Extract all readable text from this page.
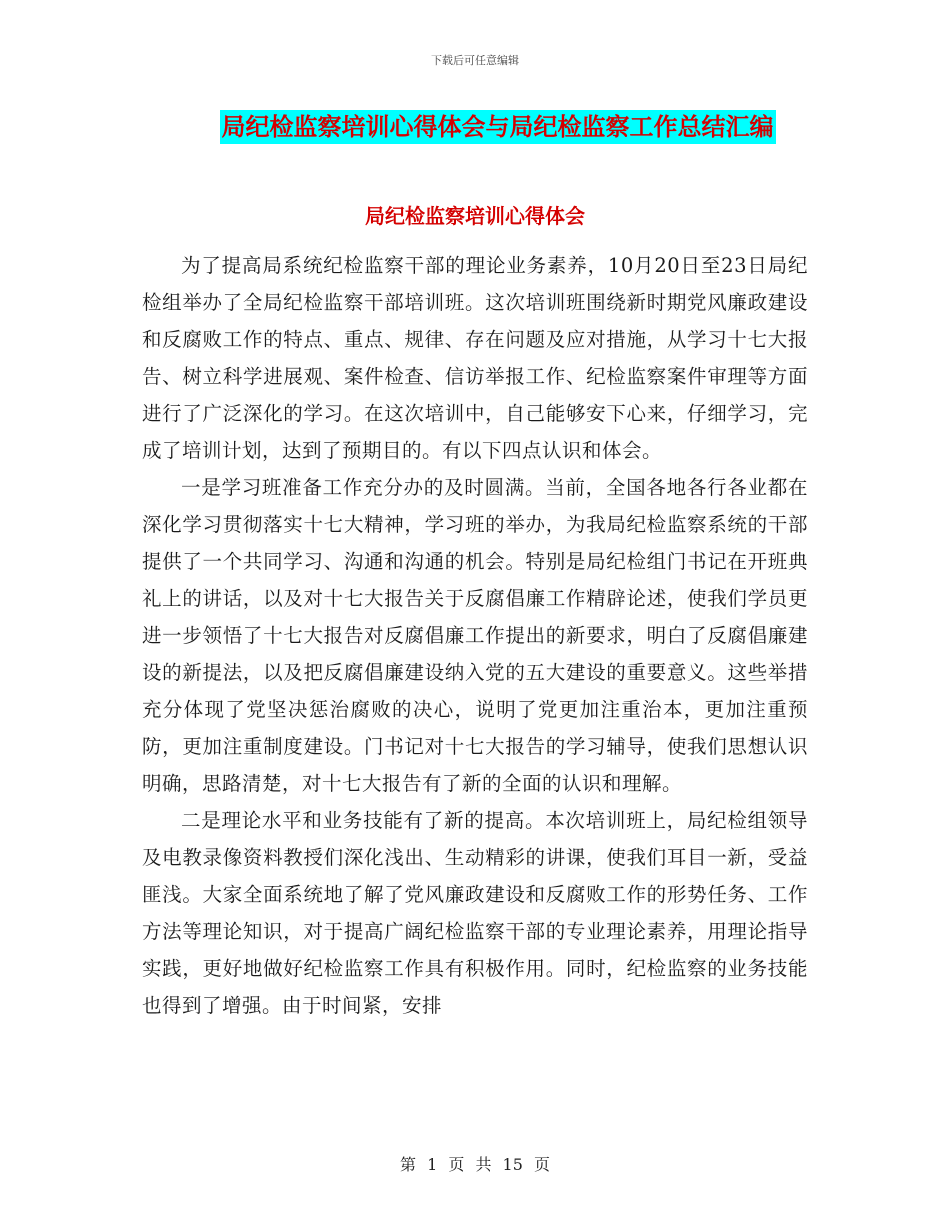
下载后可任意编辑
局纪检监察培训心得体会与局纪检监察工作总结汇编
局纪检监察培训心得体会

为了提高局系统纪检监察干部的理论业务素养，10月20日至23日局纪检组举办了全局纪检监察干部培训班。这次培训班围绕新时期党风廉政建设和反腐败工作的特点、重点、规律、存在问题及应对措施，从学习十七大报告、树立科学进展观、案件检查、信访举报工作、纪检监察案件审理等方面进行了广泛深化的学习。在这次培训中，自己能够安下心来，仔细学习，完成了培训计划，达到了预期目的。有以下四点认识和体会。

一是学习班准备工作充分办的及时圆满。当前，全国各地各行各业都在深化学习贯彻落实十七大精神，学习班的举办，为我局纪检监察系统的干部提供了一个共同学习、沟通和沟通的机会。特别是局纪检组门书记在开班典礼上的讲话，以及对十七大报告关于反腐倡廉工作精辟论述，使我们学员更进一步领悟了十七大报告对反腐倡廉工作提出的新要求，明白了反腐倡廉建设的新提法，以及把反腐倡廉建设纳入党的五大建设的重要意义。这些举措充分体现了党坚决惩治腐败的决心，说明了党更加注重治本，更加注重预防，更加注重制度建设。门书记对十七大报告的学习辅导，使我们思想认识明确，思路清楚，对十七大报告有了新的全面的认识和理解。

二是理论水平和业务技能有了新的提高。本次培训班上，局纪检组领导及电教录像资料教授们深化浅出、生动精彩的讲课，使我们耳目一新，受益匪浅。大家全面系统地了解了党风廉政建设和反腐败工作的形势任务、工作方法等理论知识，对于提高广阔纪检监察干部的专业理论素养，用理论指导实践，更好地做好纪检监察工作具有积极作用。同时，纪检监察的业务技能也得到了增强。由于时间紧，安排

第 1 页 共 15 页
